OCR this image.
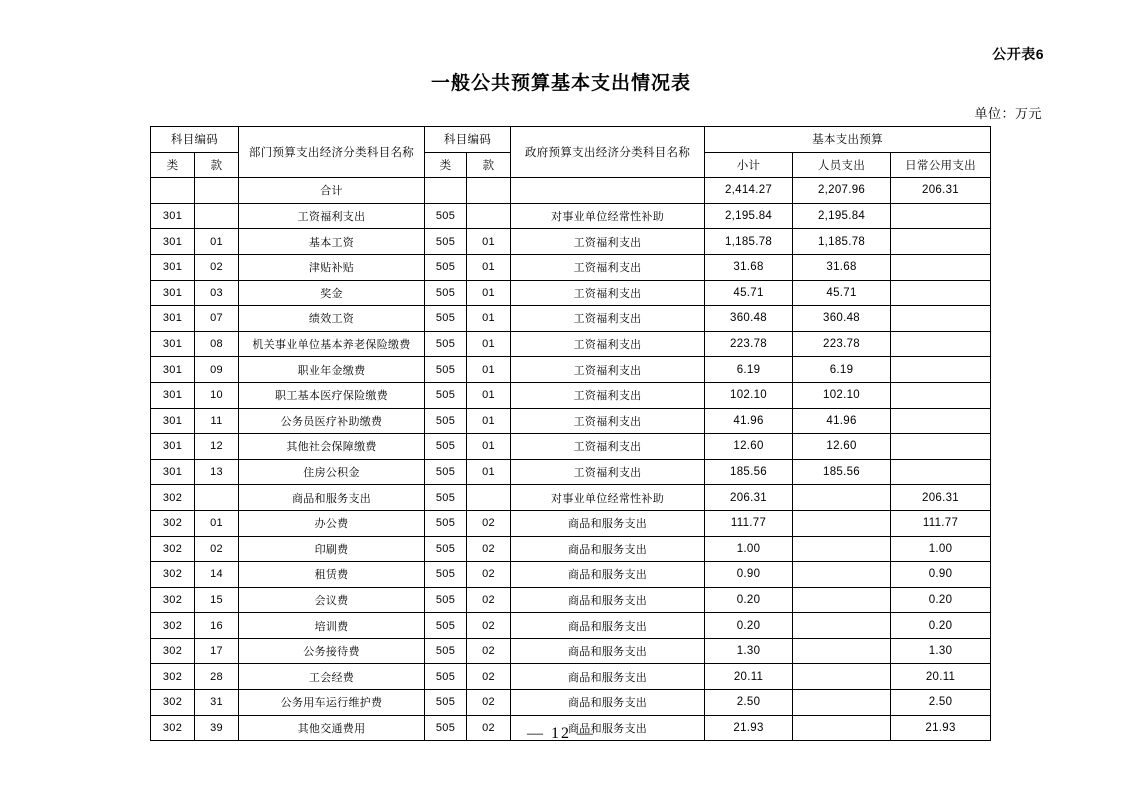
公开表6
一般公共预算基本支出情况表
单位：万元
科目编码		部门预算支出经济分类科目名称	科目编码		政府预算支出经济分类科目名称	基本支出预算		
类	款		类	款		小计	人员支出	日常公用支出
		合计				2,414.27	2,207.96	206.31
301		工资福利支出	505		对事业单位经常性补助	2,195.84	2,195.84	
301	01	基本工资	505	01	工资福利支出	1,185.78	1,185.78	
301	02	津贴补贴	505	01	工资福利支出	31.68	31.68	
301	03	奖金	505	01	工资福利支出	45.71	45.71	
301	07	绩效工资	505	01	工资福利支出	360.48	360.48	
301	08	机关事业单位基本养老保险缴费	505	01	工资福利支出	223.78	223.78	
301	09	职业年金缴费	505	01	工资福利支出	6.19	6.19	
301	10	职工基本医疗保险缴费	505	01	工资福利支出	102.10	102.10	
301	11	公务员医疗补助缴费	505	01	工资福利支出	41.96	41.96	
301	12	其他社会保障缴费	505	01	工资福利支出	12.60	12.60	
301	13	住房公积金	505	01	工资福利支出	185.56	185.56	
302		商品和服务支出	505		对事业单位经常性补助	206.31		206.31
302	01	办公费	505	02	商品和服务支出	111.77		111.77
302	02	印刷费	505	02	商品和服务支出	1.00		1.00
302	14	租赁费	505	02	商品和服务支出	0.90		0.90
302	15	会议费	505	02	商品和服务支出	0.20		0.20
302	16	培训费	505	02	商品和服务支出	0.20		0.20
302	17	公务接待费	505	02	商品和服务支出	1.30		1.30
302	28	工会经费	505	02	商品和服务支出	20.11		20.11
302	31	公务用车运行维护费	505	02	商品和服务支出	2.50		2.50
302	39	其他交通费用	505	02	商品和服务支出	21.93		21.93
— 12 —
